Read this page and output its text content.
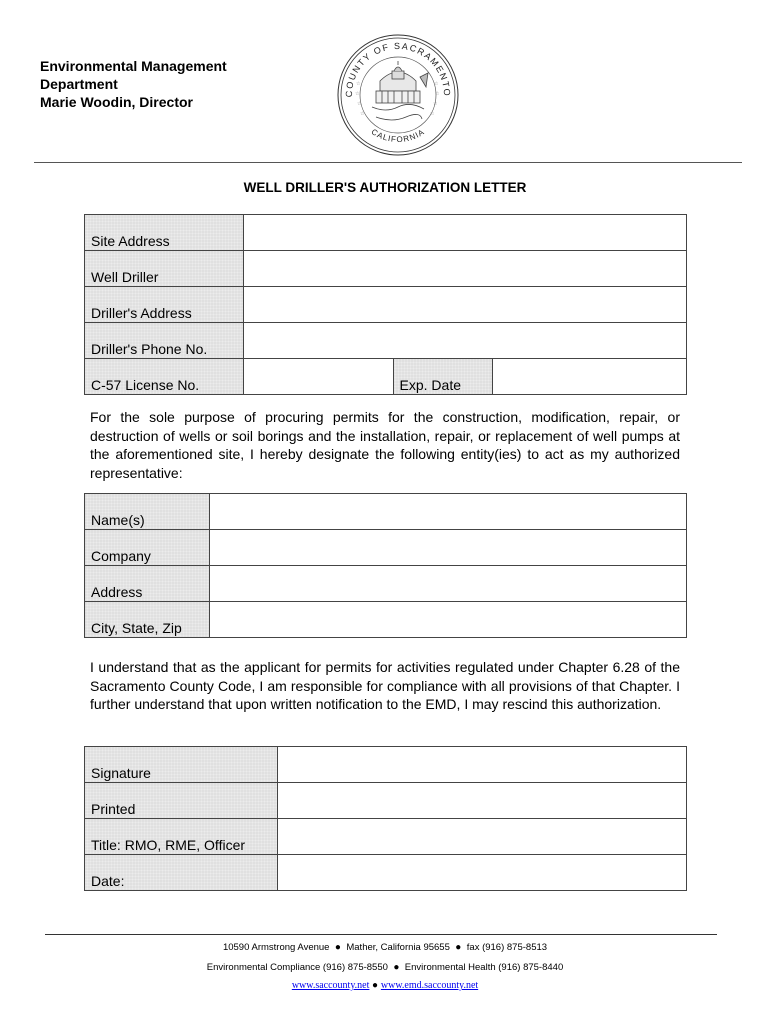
Environmental Management
Department
Marie Woodin, Director
COUNTY OF SACRAMENTO
CALIFORNIA
☆
☆
☆
☆
☆
☆
☆
☆
WELL DRILLER'S AUTHORIZATION LETTER
Site Address			

Well Driller			

Driller's Address			

Driller's Phone No.			

C-57 License No.		Exp. Date	

For the sole purpose of procuring permits for the construction, modification, repair, or destruction of wells or soil borings and the installation, repair, or replacement of well pumps at the aforementioned site, I hereby designate the following entity(ies) to act as my authorized representative:
Name(s)	

Company	

Address	

City, State, Zip	

I understand that as the applicant for permits for activities regulated under Chapter 6.28 of the Sacramento County Code, I am responsible for compliance with all provisions of that Chapter. I further understand that upon written notification to the EMD, I may rescind this authorization.
Signature	

Printed	

Title: RMO, RME, Officer	

Date:	

10590 Armstrong Avenue  ●  Mather, California 95655  ●  fax (916) 875-8513
Environmental Compliance (916) 875-8550  ●  Environmental Health (916) 875-8440
www.saccounty.net ● www.emd.saccounty.net
